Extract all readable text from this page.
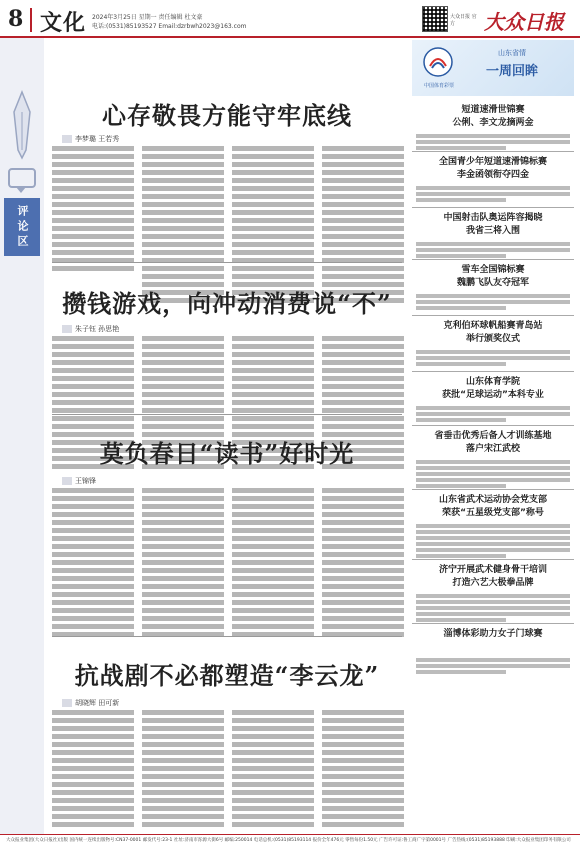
8 文化 2024年3月25日 星期一 责任编辑 杜文豪
电话:(0531)85193527 Email:dzrbwh2023@163.com
大众日报 官方	大众日报
评论区
心存敬畏方能守牢底线
李梦璐 王若秀
攒钱游戏，向冲动消费说“不”
朱子钰 孙思艳
莫负春日“读书”好时光
王锦锋
抗战剧不必都塑造“李云龙”
胡晓辉 田可新
中国体育彩票
山东省情
一周回眸
短道速滑世锦赛
公俐、李文龙摘两金
全国青少年短道速滑锦标赛
李金函领衔夺四金
中国射击队奥运阵容揭晓
我省三将入围
雪车全国锦标赛
魏鹏飞队友夺冠军
克利伯环球帆船赛青岛站
举行颁奖仪式
山东体育学院
获批“足球运动”本科专业
省垂击优秀后备人才训练基地
落户宋江武校
山东省武术运动协会党支部
荣获“五星级党支部”称号
济宁开展武术健身骨干培训
打造六艺大极拳品牌
淄博体彩助力女子门球赛
大众报业集团(大众日报社)出版 国内统一连续出版物号:CN37-0001 邮发代号:23-1 社址:济南市泺源大街6号 邮编:250014 电话总机:(0531)85193114 报价全年476元 零售每份1.50元 广告许可证:鲁工商广字第0001号 广告热线:(0531)85193888 印刷:大众报业集团印务有限公司
